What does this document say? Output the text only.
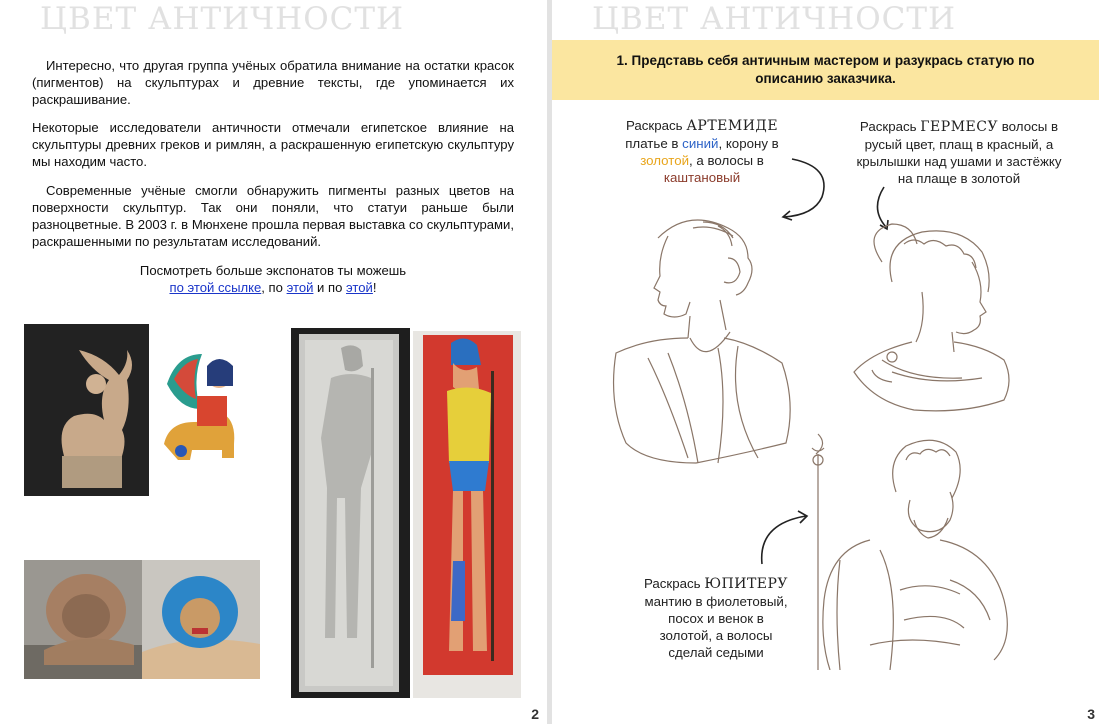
ЦВЕТ АНТИЧНОСТИ

Интересно, что другая группа учёных обратила внимание на остатки красок (пигментов) на скульптурах и древние тексты, где упоминается их раскрашивание.

Некоторые исследователи античности отмечали египетское влияние на скульптуры древних греков и римлян, а раскрашенную египетскую скульптуру мы находим часто.

Современные учёные смогли обнаружить пигменты разных цветов на поверхности скульптур. Так они поняли, что статуи раньше были разноцветные. В 2003 г. в Мюнхене прошла первая выставка со скульптурами, раскрашенными по результатам исследований.

Посмотреть больше экспонатов ты можешь
по этой ссылке, по этой и по этой!
2
ЦВЕТ АНТИЧНОСТИ
1. Представь себя античным мастером и разукрась статую по описанию заказчика.
Раскрась АРТЕМИДЕ
платье в синий, корону в
золотой, а волосы в
каштановый
Раскрась ГЕРМЕСУ волосы в
русый цвет, плащ в красный, а
крылышки над ушами и застёжку
на плаще в золотой
Раскрась ЮПИТЕРУ
мантию в фиолетовый,
посох и венок в
золотой, а волосы
сделай седыми
3
